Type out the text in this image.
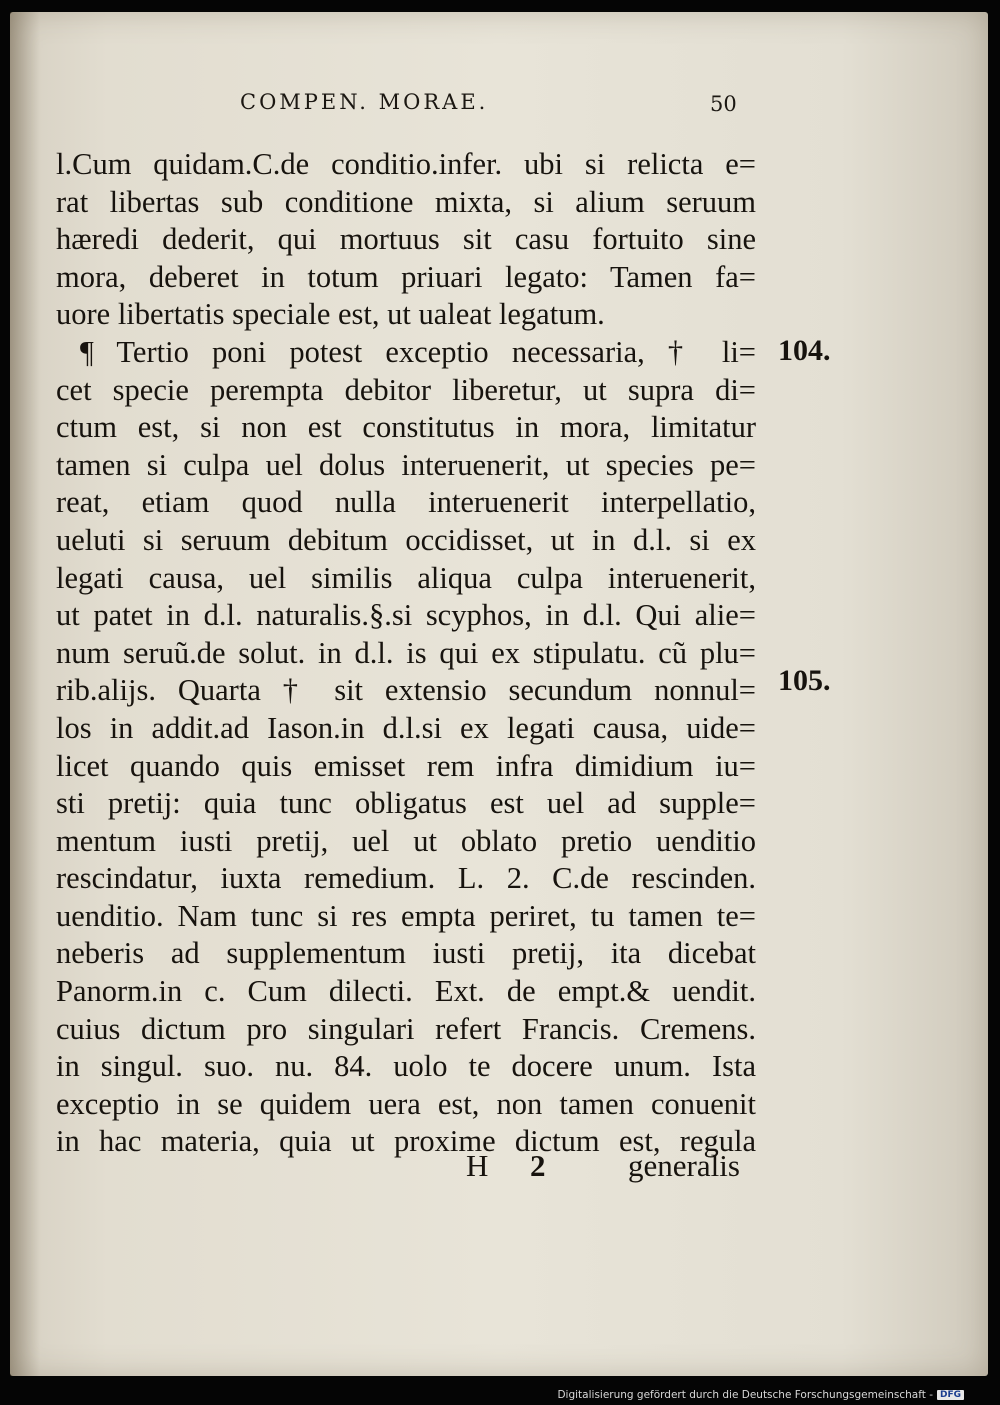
COMPEN. MORAE.	50
l.Cum quidam.C.de conditio.infer. ubi si relicta e=
rat libertas sub conditione mixta, si alium seruum
hæredi dederit, qui mortuus sit casu fortuito sine
mora, deberet in totum priuari legato: Tamen fa=
uore libertatis speciale est, ut ualeat legatum.
¶ Tertio poni potest exceptio necessaria, † li=
cet specie perempta debitor liberetur, ut supra di=
ctum est, si non est constitutus in mora, limitatur
tamen si culpa uel dolus interuenerit, ut species pe=
reat, etiam quod nulla interuenerit interpellatio,
ueluti si seruum debitum occidisset, ut in d.l. si ex
legati causa, uel similis aliqua culpa interuenerit,
ut patet in d.l. naturalis.§.si scyphos, in d.l. Qui alie=
num seruũ.de solut. in d.l. is qui ex stipulatu. cũ plu=
rib.alijs. Quarta † sit extensio secundum nonnul=
los in addit.ad Iason.in d.l.si ex legati causa, uide=
licet quando quis emisset rem infra dimidium iu=
sti pretij: quia tunc obligatus est uel ad supple=
mentum iusti pretij, uel ut oblato pretio uenditio
rescindatur, iuxta remedium. L. 2. C.de rescinden.
uenditio. Nam tunc si res empta periret, tu tamen te=
neberis ad supplementum iusti pretij, ita dicebat
Panorm.in c. Cum dilecti. Ext. de empt.& uendit.
cuius dictum pro singulari refert Francis. Cremens.
in singul. suo. nu. 84. uolo te docere unum. Ista
exceptio in se quidem uera est, non tamen conuenit
in hac materia, quia ut proxime dictum est, regula
104.
105.
H 2	generalis
Digitalisierung gefördert durch die Deutsche Forschungsgemeinschaft - DFG
